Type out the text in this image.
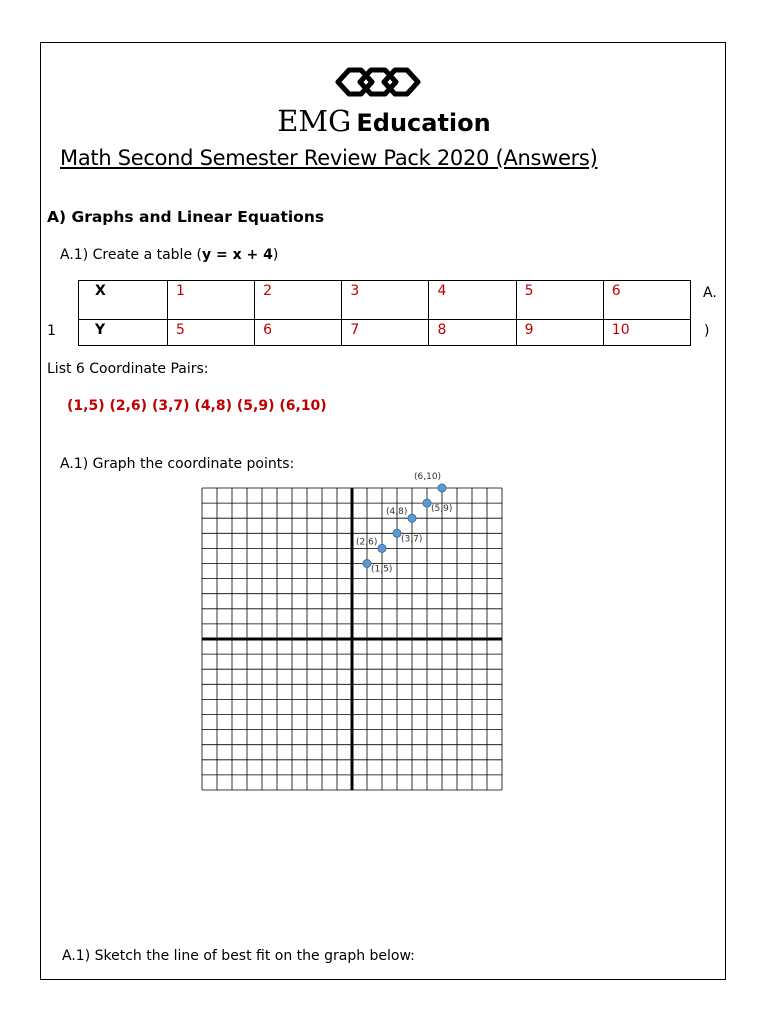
EMG Education
Math Second Semester Review Pack 2020 (Answers)
A) Graphs and Linear Equations
A.1) Create a table (y = x + 4)
X	1	2	3	4	5	6
Y	5	6	7	8	9	10
A.
)
1
List 6 Coordinate Pairs:
(1,5) (2,6) (3,7) (4,8) (5,9) (6,10)
A.1) Graph the coordinate points:
(1,5)
(2,6)	(3,7)
(4,8)	(5,9)
(6,10)
A.1) Sketch the line of best fit on the graph below:
